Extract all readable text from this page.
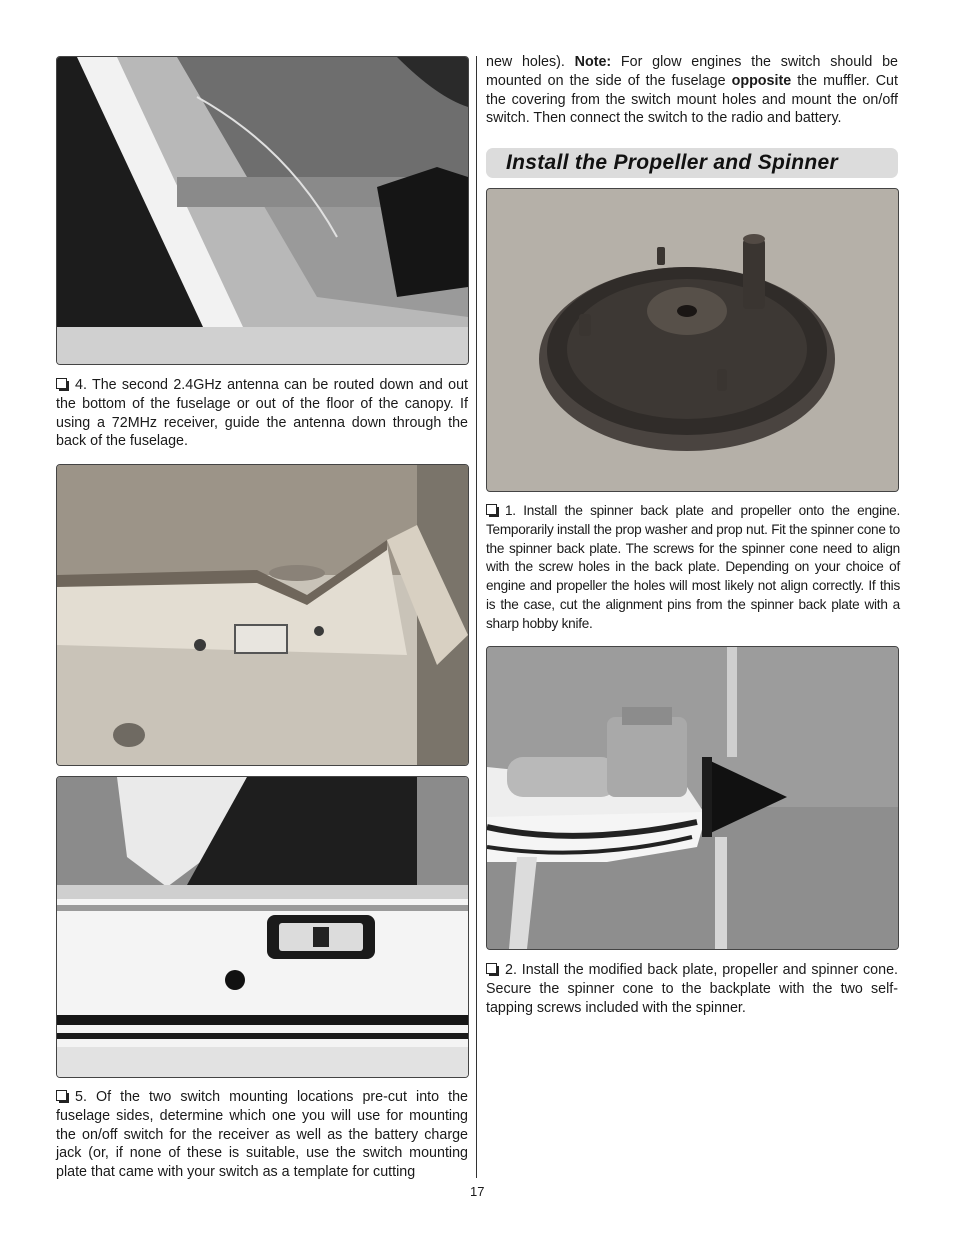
4. The second 2.4GHz antenna can be routed down and out the bottom of the fuselage or out of the floor of the canopy. If using a 72MHz receiver, guide the antenna down through the back of the fuselage.

5. Of the two switch mounting locations pre-cut into the fuselage sides, determine which one you will use for mounting the on/off switch for the receiver as well as the battery charge jack (or, if none of these is suitable, use the switch mounting plate that came with your switch as a template for cutting

new holes). Note: For glow engines the switch should be mounted on the side of the fuselage opposite the muffler. Cut the covering from the switch mount holes and mount the on/off switch. Then connect the switch to the radio and battery.

Install the Propeller and Spinner

1. Install the spinner back plate and propeller onto the engine. Temporarily install the prop washer and prop nut. Fit the spinner cone to the spinner back plate. The screws for the spinner cone need to align with the screw holes in the back plate. Depending on your choice of engine and propeller the holes will most likely not align correctly. If this is the case, cut the alignment pins from the spinner back plate with a sharp hobby knife.

2. Install the modified back plate, propeller and spinner cone. Secure the spinner cone to the backplate with the two self-tapping screws included with the spinner.

17
